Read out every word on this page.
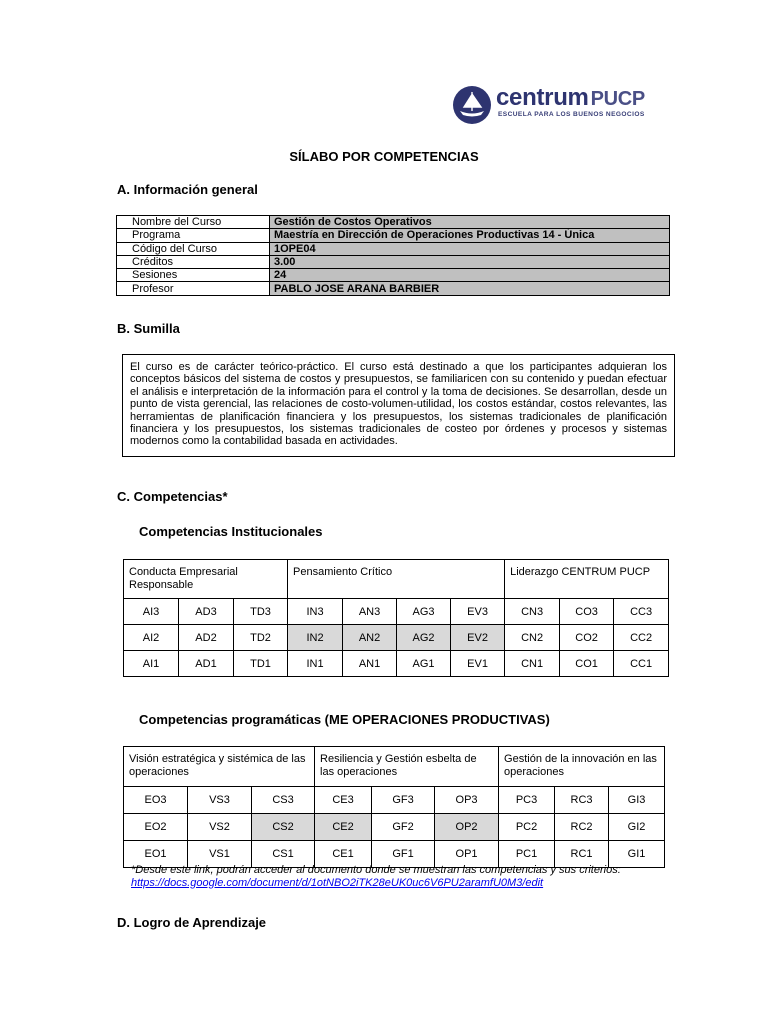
centrum PUCP
ESCUELA PARA LOS BUENOS NEGOCIOS
SÍLABO POR COMPETENCIAS
A. Información general
Nombre del Curso	Gestión de Costos Operativos
Programa	Maestría en Dirección de Operaciones Productivas 14 - Única
Código del Curso	1OPE04
Créditos	3.00
Sesiones	24
Profesor	PABLO JOSE ARANA BARBIER
B. Sumilla
El curso es de carácter teórico-práctico. El curso está destinado a que los participantes adquieran los conceptos básicos del sistema de costos y presupuestos, se familiaricen con su contenido y puedan efectuar el análisis e interpretación de la información para el control y la toma de decisiones. Se desarrollan, desde un punto de vista gerencial, las relaciones de costo-volumen-utilidad, los costos estándar, costos relevantes, las herramientas de planificación financiera y los presupuestos, los sistemas tradicionales de planificación financiera y los presupuestos, los sistemas tradicionales de costeo por órdenes y procesos y sistemas modernos como la contabilidad basada en actividades.
C. Competencias*
Competencias Institucionales
Conducta Empresarial Responsable			Pensamiento Crítico				Liderazgo CENTRUM PUCP		
AI3	AD3	TD3	IN3	AN3	AG3	EV3	CN3	CO3	CC3
AI2	AD2	TD2	IN2	AN2	AG2	EV2	CN2	CO2	CC2
AI1	AD1	TD1	IN1	AN1	AG1	EV1	CN1	CO1	CC1
Competencias programáticas (ME OPERACIONES PRODUCTIVAS)
Visión estratégica y sistémica de las operaciones			Resiliencia y Gestión esbelta de las operaciones			Gestión de la innovación en las operaciones		
EO3	VS3	CS3	CE3	GF3	OP3	PC3	RC3	GI3
EO2	VS2	CS2	CE2	GF2	OP2	PC2	RC2	GI2
EO1	VS1	CS1	CE1	GF1	OP1	PC1	RC1	GI1
*Desde este link, podrán acceder al documento donde se muestran las competencias y sus criterios:
https://docs.google.com/document/d/1otNBO2iTK28eUK0uc6V6PU2aramfU0M3/edit
D. Logro de Aprendizaje
